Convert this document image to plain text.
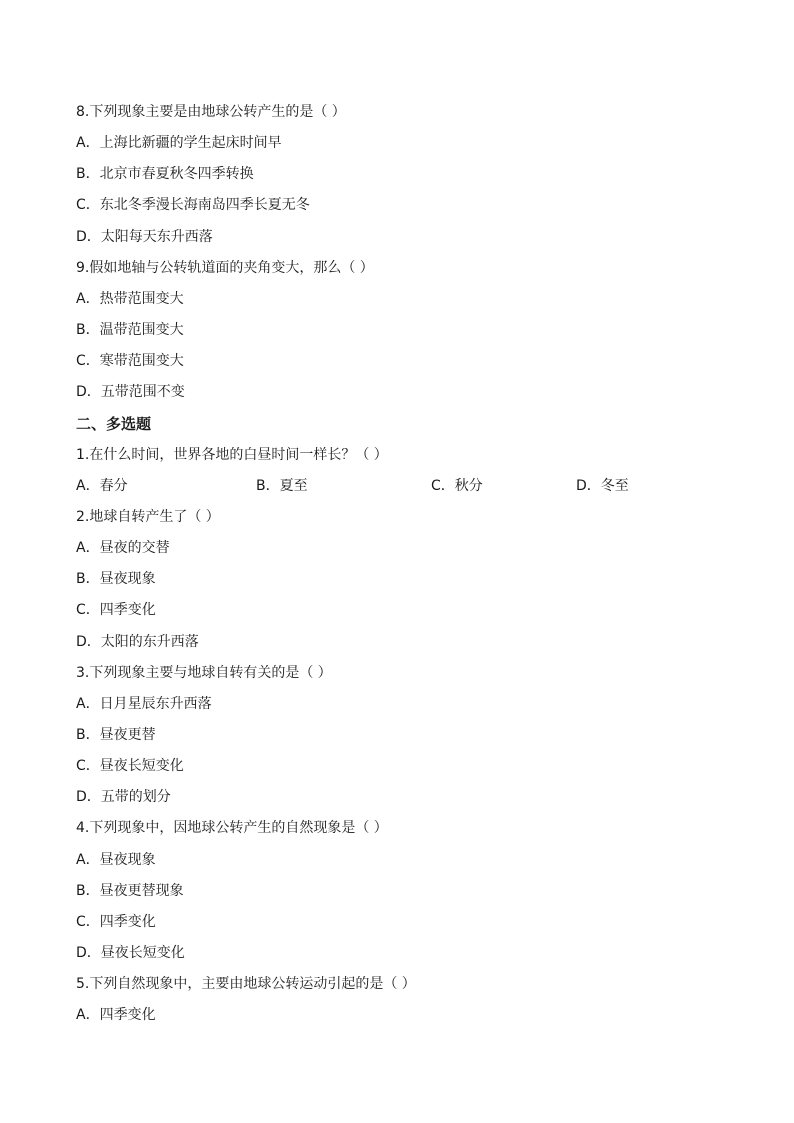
8.下列现象主要是由地球公转产生的是（ ）
A．上海比新疆的学生起床时间早
B．北京市春夏秋冬四季转换
C．东北冬季漫长海南岛四季长夏无冬
D．太阳每天东升西落
9.假如地轴与公转轨道面的夹角变大，那么（ ）
A．热带范围变大
B．温带范围变大
C．寒带范围变大
D．五带范围不变
二、多选题
1.在什么时间，世界各地的白昼时间一样长？（ ）
A．春分	B．夏至	C．秋分	D．冬至
2.地球自转产生了（ ）
A．昼夜的交替
B．昼夜现象
C．四季变化
D．太阳的东升西落
3.下列现象主要与地球自转有关的是（ ）
A．日月星辰东升西落
B．昼夜更替
C．昼夜长短变化
D．五带的划分
4.下列现象中，因地球公转产生的自然现象是（ ）
A．昼夜现象
B．昼夜更替现象
C．四季变化
D．昼夜长短变化
5.下列自然现象中，主要由地球公转运动引起的是（ ）
A．四季变化
